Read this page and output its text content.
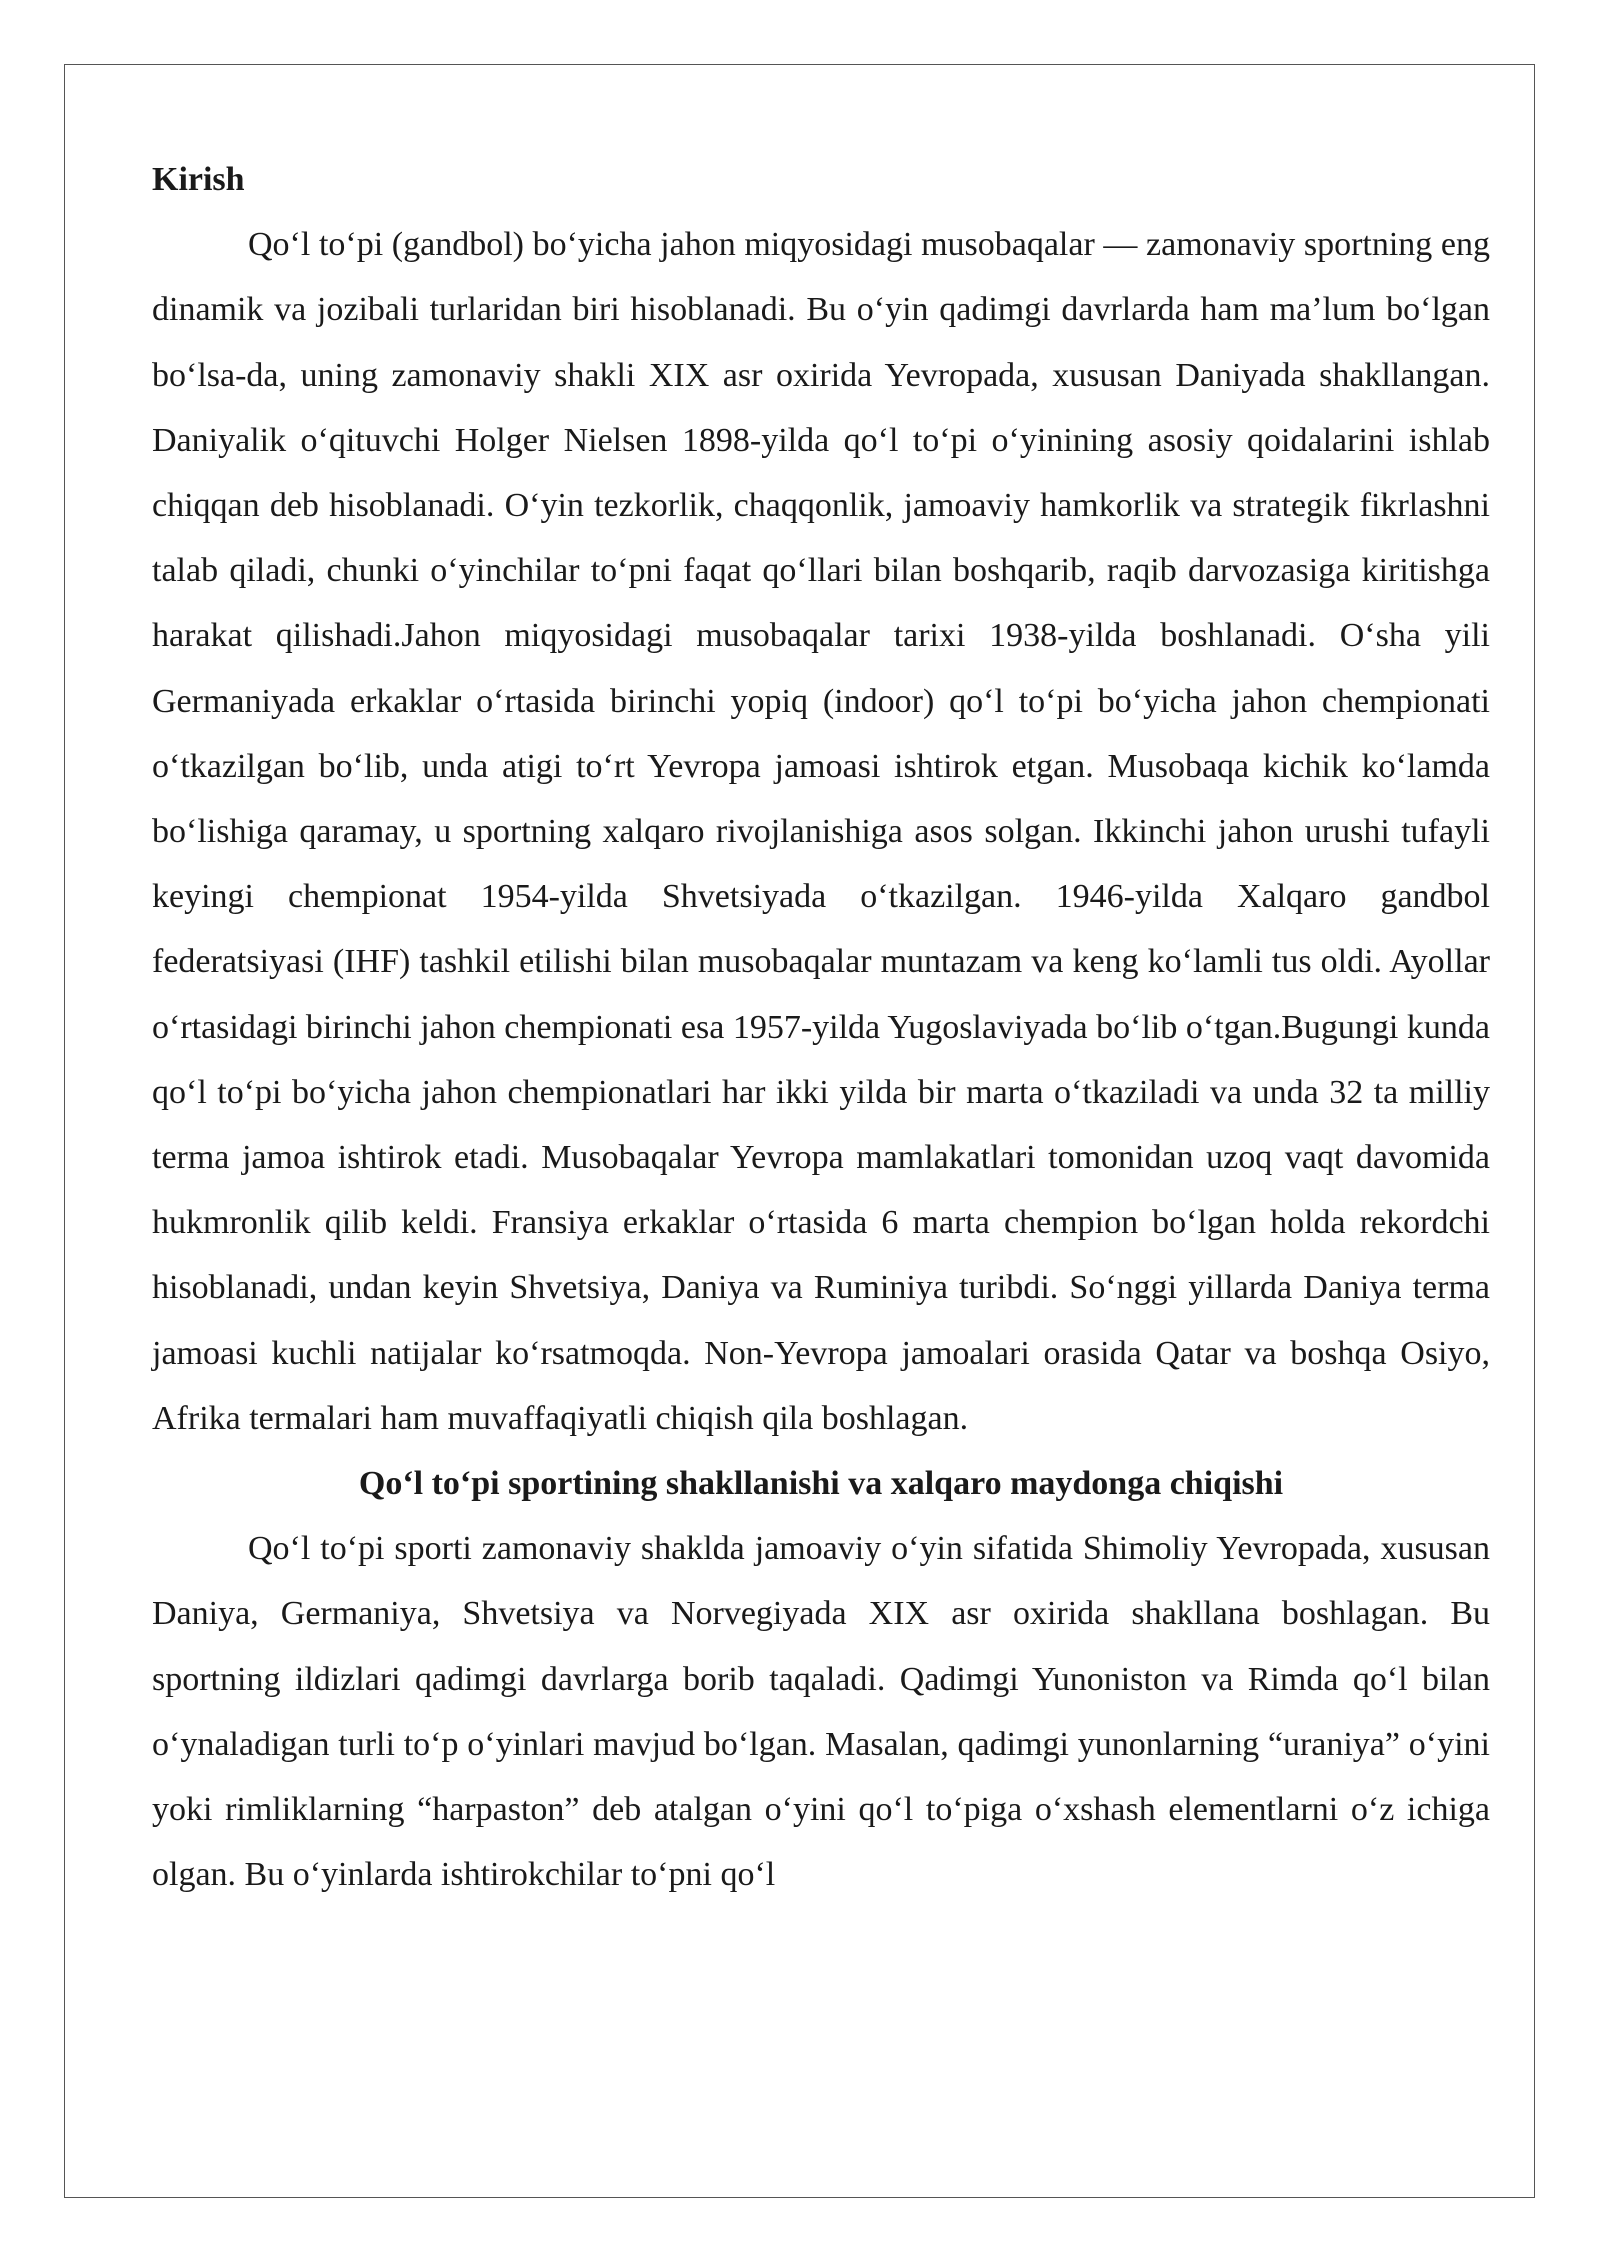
Kirish

Qo‘l to‘pi (gandbol) bo‘yicha jahon miqyosidagi musobaqalar — zamonaviy sportning eng dinamik va jozibali turlaridan biri hisoblanadi. Bu o‘yin qadimgi davrlarda ham ma’lum bo‘lgan bo‘lsa-da, uning zamonaviy shakli XIX asr oxirida Yevropada, xususan Daniyada shakllangan. Daniyalik o‘qituvchi Holger Nielsen 1898-yilda qo‘l to‘pi o‘yinining asosiy qoidalarini ishlab chiqqan deb hisoblanadi. O‘yin tezkorlik, chaqqonlik, jamoaviy hamkorlik va strategik fikrlashni talab qiladi, chunki o‘yinchilar to‘pni faqat qo‘llari bilan boshqarib, raqib darvozasiga kiritishga harakat qilishadi.Jahon miqyosidagi musobaqalar tarixi 1938-yilda boshlanadi. O‘sha yili Germaniyada erkaklar o‘rtasida birinchi yopiq (indoor) qo‘l to‘pi bo‘yicha jahon chempionati o‘tkazilgan bo‘lib, unda atigi to‘rt Yevropa jamoasi ishtirok etgan. Musobaqa kichik ko‘lamda bo‘lishiga qaramay, u sportning xalqaro rivojlanishiga asos solgan. Ikkinchi jahon urushi tufayli keyingi chempionat 1954-yilda Shvetsiyada o‘tkazilgan. 1946-yilda Xalqaro gandbol federatsiyasi (IHF) tashkil etilishi bilan musobaqalar muntazam va keng ko‘lamli tus oldi. Ayollar o‘rtasidagi birinchi jahon chempionati esa 1957-yilda Yugoslaviyada bo‘lib o‘tgan.Bugungi kunda qo‘l to‘pi bo‘yicha jahon chempionatlari har ikki yilda bir marta o‘tkaziladi va unda 32 ta milliy terma jamoa ishtirok etadi. Musobaqalar Yevropa mamlakatlari tomonidan uzoq vaqt davomida hukmronlik qilib keldi. Fransiya erkaklar o‘rtasida 6 marta chempion bo‘lgan holda rekordchi hisoblanadi, undan keyin Shvetsiya, Daniya va Ruminiya turibdi. So‘nggi yillarda Daniya terma jamoasi kuchli natijalar ko‘rsatmoqda. Non-Yevropa jamoalari orasida Qatar va boshqa Osiyo, Afrika termalari ham muvaffaqiyatli chiqish qila boshlagan.

Qo‘l to‘pi sportining shakllanishi va xalqaro maydonga chiqishi

Qo‘l to‘pi sporti zamonaviy shaklda jamoaviy o‘yin sifatida Shimoliy Yevropada, xususan Daniya, Germaniya, Shvetsiya va Norvegiyada XIX asr oxirida shakllana boshlagan. Bu sportning ildizlari qadimgi davrlarga borib taqaladi. Qadimgi Yunoniston va Rimda qo‘l bilan o‘ynaladigan turli to‘p o‘yinlari mavjud bo‘lgan. Masalan, qadimgi yunonlarning “uraniya” o‘yini yoki rimliklarning “harpaston” deb atalgan o‘yini qo‘l to‘piga o‘xshash elementlarni o‘z ichiga olgan. Bu o‘yinlarda ishtirokchilar to‘pni qo‘l
